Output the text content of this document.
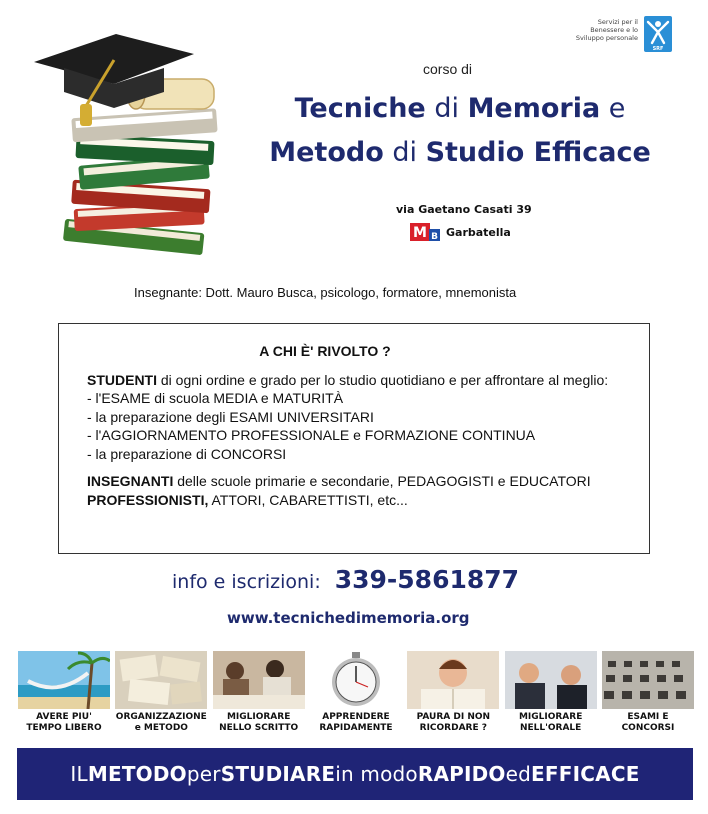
Servizi per il
Benessere e lo
Sviluppo personale
SRF
corso di
Tecniche di Memoria e
Metodo di Studio Efficace
via Gaetano Casati 39
M B Garbatella
Insegnante: Dott. Mauro Busca, psicologo, formatore, mnemonista
A CHI È' RIVOLTO ?

STUDENTI di ogni ordine e grado per lo studio quotidiano e per affrontare al meglio:

- l'ESAME di scuola MEDIA e MATURITÀ

- la preparazione degli ESAMI UNIVERSITARI

- l'AGGIORNAMENTO PROFESSIONALE e FORMAZIONE CONTINUA

- la preparazione di CONCORSI

INSEGNANTI delle scuole primarie e secondarie, PEDAGOGISTI e EDUCATORI

PROFESSIONISTI, ATTORI, CABARETTISTI, etc...

info e iscrizioni: 339-5861877
www.tecnichedimemoria.org
AVERE PIU'
TEMPO LIBERO
ORGANIZZAZIONE
e METODO
MIGLIORARE
NELLO SCRITTO
APPRENDERE
RAPIDAMENTE
PAURA DI NON
RICORDARE ?
MIGLIORARE
NELL'ORALE
ESAMI E
CONCORSI
IL METODO per STUDIARE in modo RAPIDO ed EFFICACE
